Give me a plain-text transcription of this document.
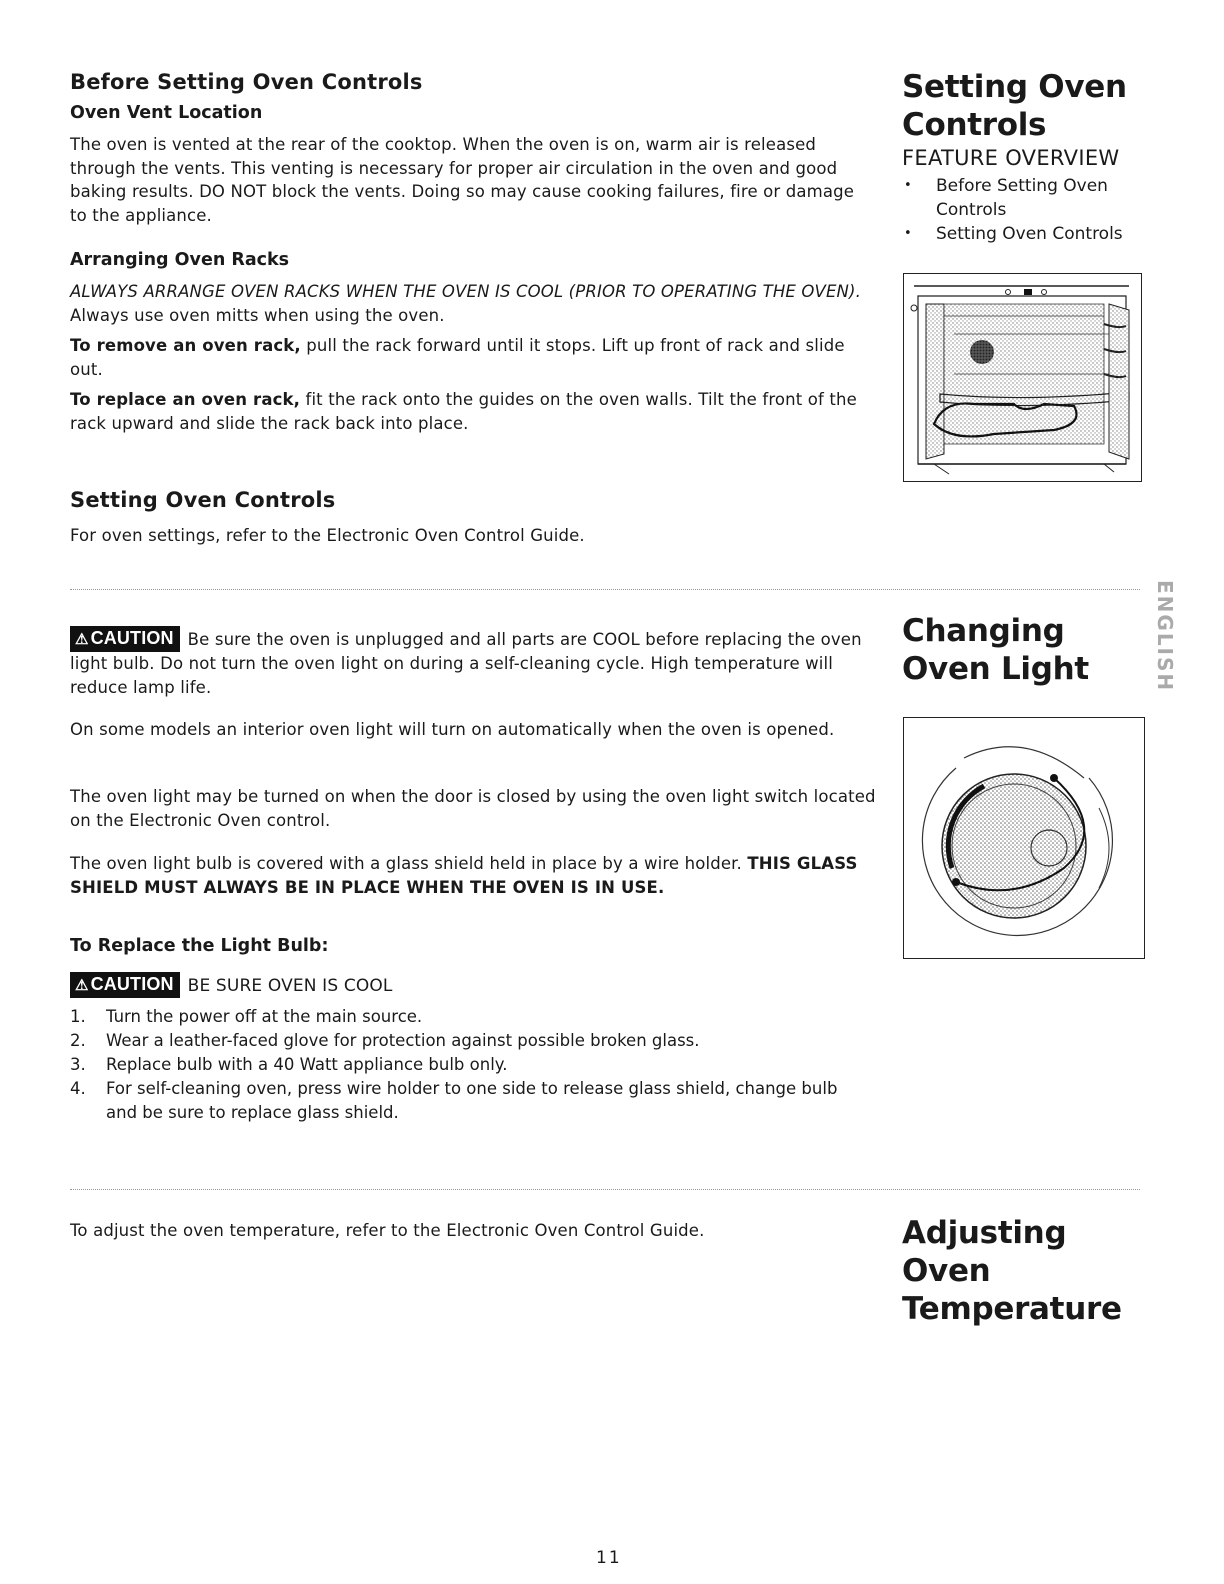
Before Setting Oven Controls
Oven Vent Location
The oven is vented at the rear of the cooktop. When the oven is on, warm air is released through the vents. This venting is necessary for proper air circulation in the oven and good baking results. DO NOT block the vents. Doing so may cause cooking failures, fire or damage to the appliance.
Arranging Oven Racks
ALWAYS ARRANGE OVEN RACKS WHEN THE OVEN IS COOL (PRIOR TO OPERATING THE OVEN). Always use oven mitts when using the oven.
To remove an oven rack, pull the rack forward until it stops. Lift up front of rack and slide out.
To replace an oven rack, fit the rack onto the guides on the oven walls. Tilt the front of the rack upward and slide the rack back into place.
Setting Oven Controls
For oven settings, refer to the Electronic Oven Control Guide.
Setting Oven Controls
FEATURE OVERVIEW
• Before Setting Oven Controls
• Setting Oven Controls
⚠ CAUTION Be sure the oven is unplugged and all parts are COOL before replacing the oven light bulb. Do not turn the oven light on during a self-cleaning cycle. High temperature will reduce lamp life.
On some models an interior oven light will turn on automatically when the oven is opened.
The oven light may be turned on when the door is closed by using the oven light switch located on the Electronic Oven control.
The oven light bulb is covered with a glass shield held in place by a wire holder. THIS GLASS SHIELD MUST ALWAYS BE IN PLACE WHEN THE OVEN IS IN USE.
To Replace the Light Bulb:
⚠ CAUTION BE SURE OVEN IS COOL
1. Turn the power off at the main source.
2. Wear a leather-faced glove for protection against possible broken glass.
3. Replace bulb with a 40 Watt appliance bulb only.
4. For self-cleaning oven, press wire holder to one side to release glass shield, change bulb and be sure to replace glass shield.
Changing Oven Light	ENGLISH
To adjust the oven temperature, refer to the Electronic Oven Control Guide.	Adjusting Oven Temperature
11
